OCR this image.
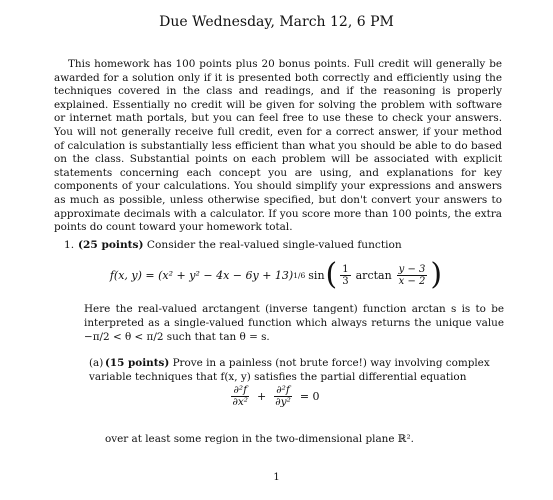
Due Wednesday, March 12, 6 PM

This homework has 100 points plus 20 bonus points. Full credit will generally be awarded for a solution only if it is presented both correctly and efficiently using the techniques covered in the class and readings, and if the reasoning is properly explained. Essentially no credit will be given for solving the problem with software or internet math portals, but you can feel free to use these to check your answers. You will not generally receive full credit, even for a correct answer, if your method of calculation is substantially less efficient than what you should be able to do based on the class. Substantial points on each problem will be associated with explicit statements concerning each concept you are using, and explanations for key components of your calculations. You should simplify your expressions and answers as much as possible, unless otherwise specified, but don't convert your answers to approximate decimals with a calculator. If you score more than 100 points, the extra points do count toward your homework total.

1. (25 points) Consider the real-valued single-valued function

f(x, y) = (x² + y² − 4x − 6y + 13) 1/6 sin ( $\frac{1}{3}$ $\arctan \frac{y - 3}{x - 2}$ )

Here the real-valued arctangent (inverse tangent) function arctan s is to be interpreted as a single-valued function which always returns the unique value −π/2 < θ < π/2 such that tan θ = s.

(a) (15 points) Prove in a painless (not brute force!) way involving complex variable techniques that f(x, y) satisfies the partial differential equation
$\frac{\text{∂²f}}{\text{∂x²}} + \frac{\text{∂²f}}{\text{∂y²}} = 0$

over at least some region in the two-dimensional plane ℝ².

1
